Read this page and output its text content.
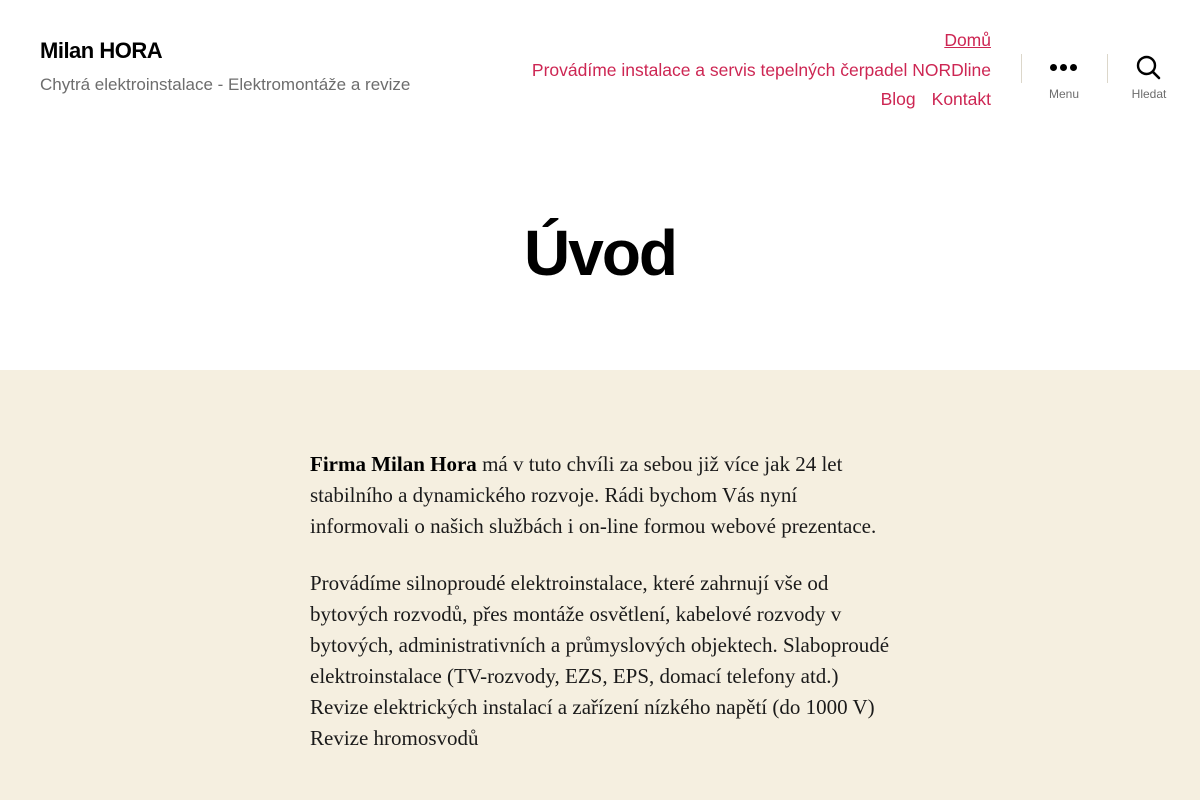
Milan HORA
Chytrá elektroinstalace - Elektromontáže a revize
Domů
Provádíme instalace a servis tepelných čerpadel NORDline
Blog Kontakt	Menu	Hledat
Úvod

Firma Milan Hora má v tuto chvíli za sebou již více jak 24 let stabilního a dynamického rozvoje. Rádi bychom Vás nyní informovali o našich službách i on-line formou webové prezentace.

Provádíme silnoproudé elektroinstalace, které zahrnují vše od bytových rozvodů, přes montáže osvětlení, kabelové rozvody v bytových, administrativních a průmyslových objektech. Slaboproudé elektroinstalace (TV-rozvody, EZS, EPS, domací telefony atd.) Revize elektrických instalací a zařízení nízkého napětí (do 1000 V) Revize hromosvodů
